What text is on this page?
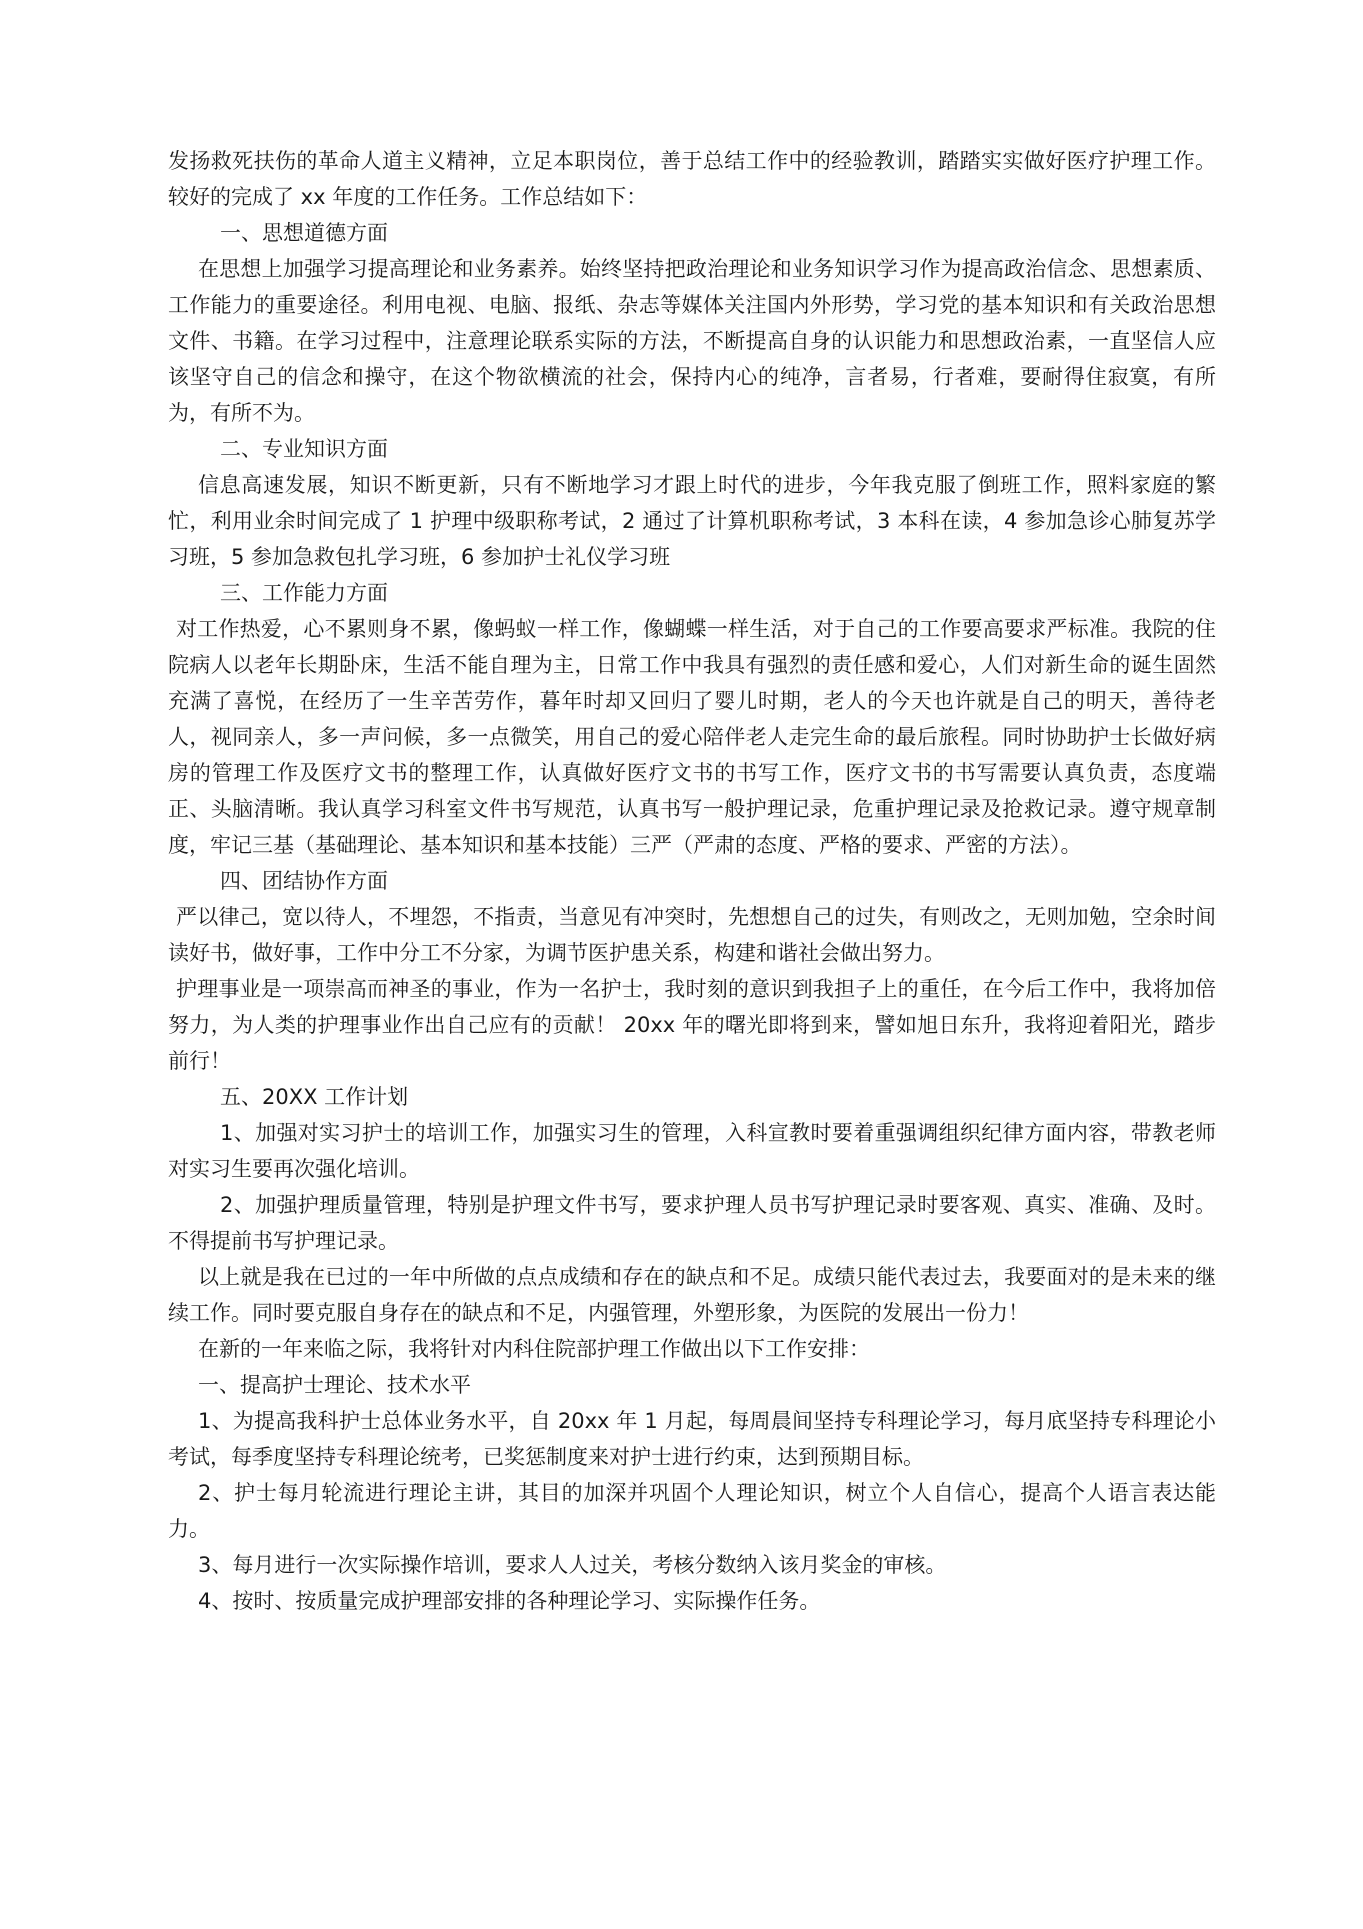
发扬救死扶伤的革命人道主义精神，立足本职岗位，善于总结工作中的经验教训，踏踏实实做好医疗护理工作。较好的完成了 xx 年度的工作任务。工作总结如下：

一、思想道德方面

在思想上加强学习提高理论和业务素养。始终坚持把政治理论和业务知识学习作为提高政治信念、思想素质、工作能力的重要途径。利用电视、电脑、报纸、杂志等媒体关注国内外形势，学习党的基本知识和有关政治思想文件、书籍。在学习过程中，注意理论联系实际的方法，不断提高自身的认识能力和思想政治素，一直坚信人应该坚守自己的信念和操守，在这个物欲横流的社会，保持内心的纯净，言者易，行者难，要耐得住寂寞，有所为，有所不为。

二、专业知识方面

信息高速发展，知识不断更新，只有不断地学习才跟上时代的进步，今年我克服了倒班工作，照料家庭的繁忙，利用业余时间完成了 1 护理中级职称考试，2 通过了计算机职称考试，3 本科在读，4 参加急诊心肺复苏学习班，5 参加急救包扎学习班，6 参加护士礼仪学习班

三、工作能力方面

对工作热爱，心不累则身不累，像蚂蚁一样工作，像蝴蝶一样生活，对于自己的工作要高要求严标准。我院的住院病人以老年长期卧床，生活不能自理为主，日常工作中我具有强烈的责任感和爱心，人们对新生命的诞生固然充满了喜悦，在经历了一生辛苦劳作，暮年时却又回归了婴儿时期，老人的今天也许就是自己的明天，善待老人，视同亲人，多一声问候，多一点微笑，用自己的爱心陪伴老人走完生命的最后旅程。同时协助护士长做好病房的管理工作及医疗文书的整理工作，认真做好医疗文书的书写工作，医疗文书的书写需要认真负责，态度端正、头脑清晰。我认真学习科室文件书写规范，认真书写一般护理记录，危重护理记录及抢救记录。遵守规章制度，牢记三基（基础理论、基本知识和基本技能）三严（严肃的态度、严格的要求、严密的方法）。

四、团结协作方面

严以律己，宽以待人，不埋怨，不指责，当意见有冲突时，先想想自己的过失，有则改之，无则加勉，空余时间读好书，做好事，工作中分工不分家，为调节医护患关系，构建和谐社会做出努力。

护理事业是一项崇高而神圣的事业，作为一名护士，我时刻的意识到我担子上的重任，在今后工作中，我将加倍努力，为人类的护理事业作出自己应有的贡献！ 20xx 年的曙光即将到来，譬如旭日东升，我将迎着阳光，踏步前行！

五、20XX 工作计划

1、加强对实习护士的培训工作，加强实习生的管理，入科宣教时要着重强调组织纪律方面内容，带教老师对实习生要再次强化培训。

2、加强护理质量管理，特别是护理文件书写，要求护理人员书写护理记录时要客观、真实、准确、及时。不得提前书写护理记录。

以上就是我在已过的一年中所做的点点成绩和存在的缺点和不足。成绩只能代表过去，我要面对的是未来的继续工作。同时要克服自身存在的缺点和不足，内强管理，外塑形象，为医院的发展出一份力！

在新的一年来临之际，我将针对内科住院部护理工作做出以下工作安排：

一、提高护士理论、技术水平

1、为提高我科护士总体业务水平，自 20xx 年 1 月起，每周晨间坚持专科理论学习，每月底坚持专科理论小考试，每季度坚持专科理论统考，已奖惩制度来对护士进行约束，达到预期目标。

2、护士每月轮流进行理论主讲，其目的加深并巩固个人理论知识，树立个人自信心，提高个人语言表达能力。

3、每月进行一次实际操作培训，要求人人过关，考核分数纳入该月奖金的审核。

4、按时、按质量完成护理部安排的各种理论学习、实际操作任务。
